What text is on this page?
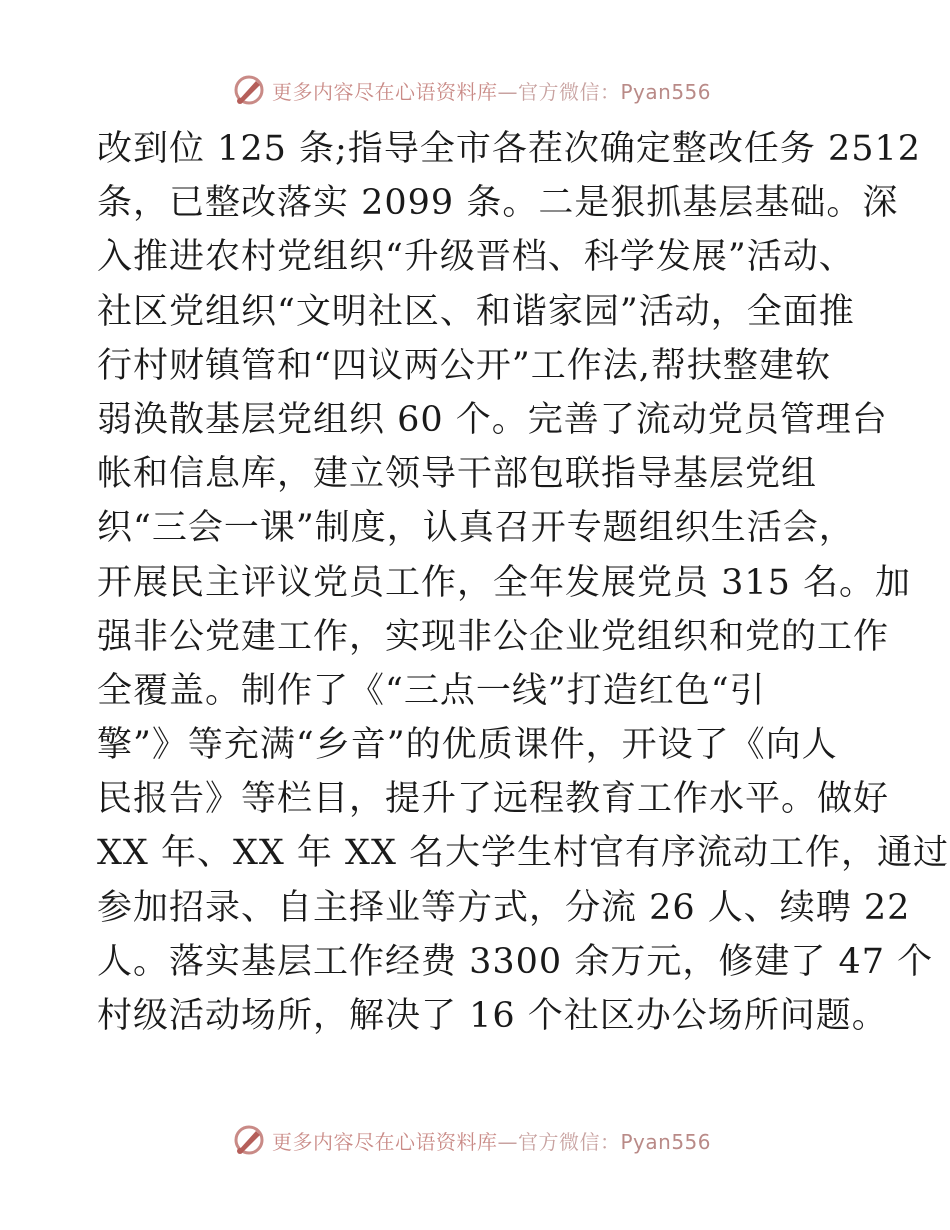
更多内容尽在心语资料库—官方微信：Pyan556
改到位 125 条;指导全市各茬次确定整改任务 2512
条，已整改落实 2099 条。二是狠抓基层基础。深
入推进农村党组织“升级晋档、科学发展”活动、
社区党组织“文明社区、和谐家园”活动，全面推
行村财镇管和“四议两公开”工作法,帮扶整建软
弱涣散基层党组织 60 个。完善了流动党员管理台
帐和信息库，建立领导干部包联指导基层党组
织“三会一课”制度，认真召开专题组织生活会，
开展民主评议党员工作，全年发展党员 315 名。加
强非公党建工作，实现非公企业党组织和党的工作
全覆盖。制作了《“三点一线”打造红色“引
擎”》等充满“乡音”的优质课件，开设了《向人
民报告》等栏目，提升了远程教育工作水平。做好
XX 年、XX 年 XX 名大学生村官有序流动工作，通过
参加招录、自主择业等方式，分流 26 人、续聘 22
人。落实基层工作经费 3300 余万元，修建了 47 个
村级活动场所，解决了 16 个社区办公场所问题。
更多内容尽在心语资料库—官方微信：Pyan556
